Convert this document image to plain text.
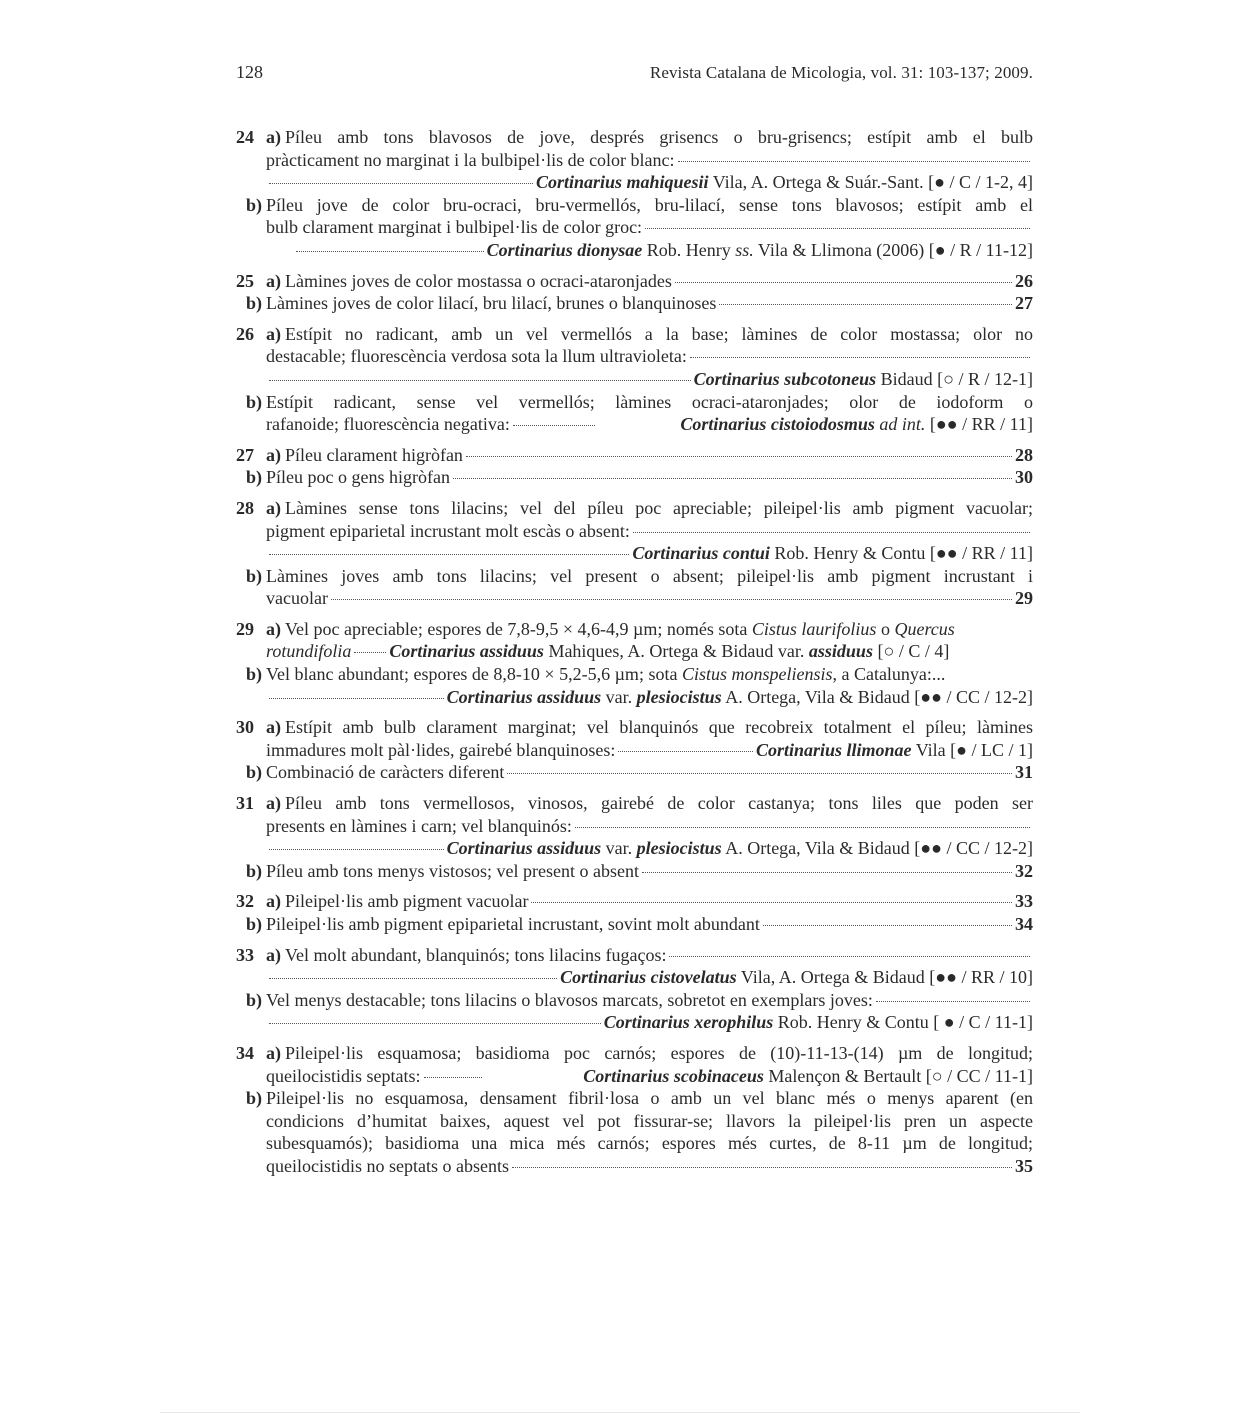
128	Revista Catalana de Micologia, vol. 31: 103-137; 2009.
24 a) Píleu amb tons blavosos de jove, després grisencs o bru-grisencs; estípit amb el bulb
pràcticament no marginat i la bulbipel·lis de color blanc:
Cortinarius mahiquesii Vila, A. Ortega & Suár.-Sant. [● / C / 1-2, 4]
b) Píleu jove de color bru-ocraci, bru-vermellós, bru-lilací, sense tons blavosos; estípit amb el
bulb clarament marginat i bulbipel·lis de color groc:
Cortinarius dionysae Rob. Henry ss. Vila & Llimona (2006) [● / R / 11-12]
25 a) Làmines joves de color mostassa o ocraci-ataronjades	26
b) Làmines joves de color lilací, bru lilací, brunes o blanquinoses	27
26 a) Estípit no radicant, amb un vel vermellós a la base; làmines de color mostassa; olor no
destacable; fluorescència verdosa sota la llum ultravioleta:
Cortinarius subcotoneus Bidaud [○ / R / 12-1]
b) Estípit radicant, sense vel vermellós; làmines ocraci-ataronjades; olor de iodoform o
rafanoide; fluorescència negativa:	Cortinarius cistoiodosmus ad int. [●● / RR / 11]
27 a) Píleu clarament higròfan	28
b) Píleu poc o gens higròfan	30
28 a) Làmines sense tons lilacins; vel del píleu poc apreciable; pileipel·lis amb pigment vacuolar;
pigment epiparietal incrustant molt escàs o absent:
Cortinarius contui Rob. Henry & Contu [●● / RR / 11]
b) Làmines joves amb tons lilacins; vel present o absent; pileipel·lis amb pigment incrustant i
vacuolar	29
29 a) Vel poc apreciable; espores de 7,8-9,5 × 4,6-4,9 µm; només sota
Cistus laurifolius
o
Quercus
rotundifolia Cortinarius assiduus Mahiques, A. Ortega & Bidaud var. assiduus [○ / C / 4]
b) Vel blanc abundant; espores de 8,8-10 × 5,2-5,6 µm; sota
Cistus monspeliensis , a Catalunya:...
Cortinarius assiduus var. plesiocistus A. Ortega, Vila & Bidaud [●● / CC / 12-2]
30 a) Estípit amb bulb clarament marginat; vel blanquinós que recobreix totalment el píleu; làmines
immadures molt pàl·lides, gairebé blanquinoses:	Cortinarius llimonae Vila [● / LC / 1]
b) Combinació de caràcters diferent	31
31 a) Píleu amb tons vermellosos, vinosos, gairebé de color castanya; tons liles que poden ser
presents en làmines i carn; vel blanquinós:
Cortinarius assiduus var. plesiocistus A. Ortega, Vila & Bidaud [●● / CC / 12-2]
b) Píleu amb tons menys vistosos; vel present o absent	32
32 a) Pileipel·lis amb pigment vacuolar	33
b) Pileipel·lis amb pigment epiparietal incrustant, sovint molt abundant	34
33 a) Vel molt abundant, blanquinós; tons lilacins fugaços:
Cortinarius cistovelatus Vila, A. Ortega & Bidaud [●● / RR / 10]
b) Vel menys destacable; tons lilacins o blavosos marcats, sobretot en exemplars joves:
Cortinarius xerophilus Rob. Henry & Contu [ ● / C / 11-1]
34 a) Pileipel·lis esquamosa; basidioma poc carnós; espores de (10)-11-13-(14) µm de longitud;
queilocistidis septats:	Cortinarius scobinaceus Malençon & Bertault [○ / CC / 11-1]
b) Pileipel·lis no esquamosa, densament fibril·losa o amb un vel blanc més o menys aparent (en
condicions d’humitat baixes, aquest vel pot fissurar-se; llavors la pileipel·lis pren un aspecte
subesquamós); basidioma una mica més carnós; espores més curtes, de 8-11 µm de longitud;
queilocistidis no septats o absents	35
